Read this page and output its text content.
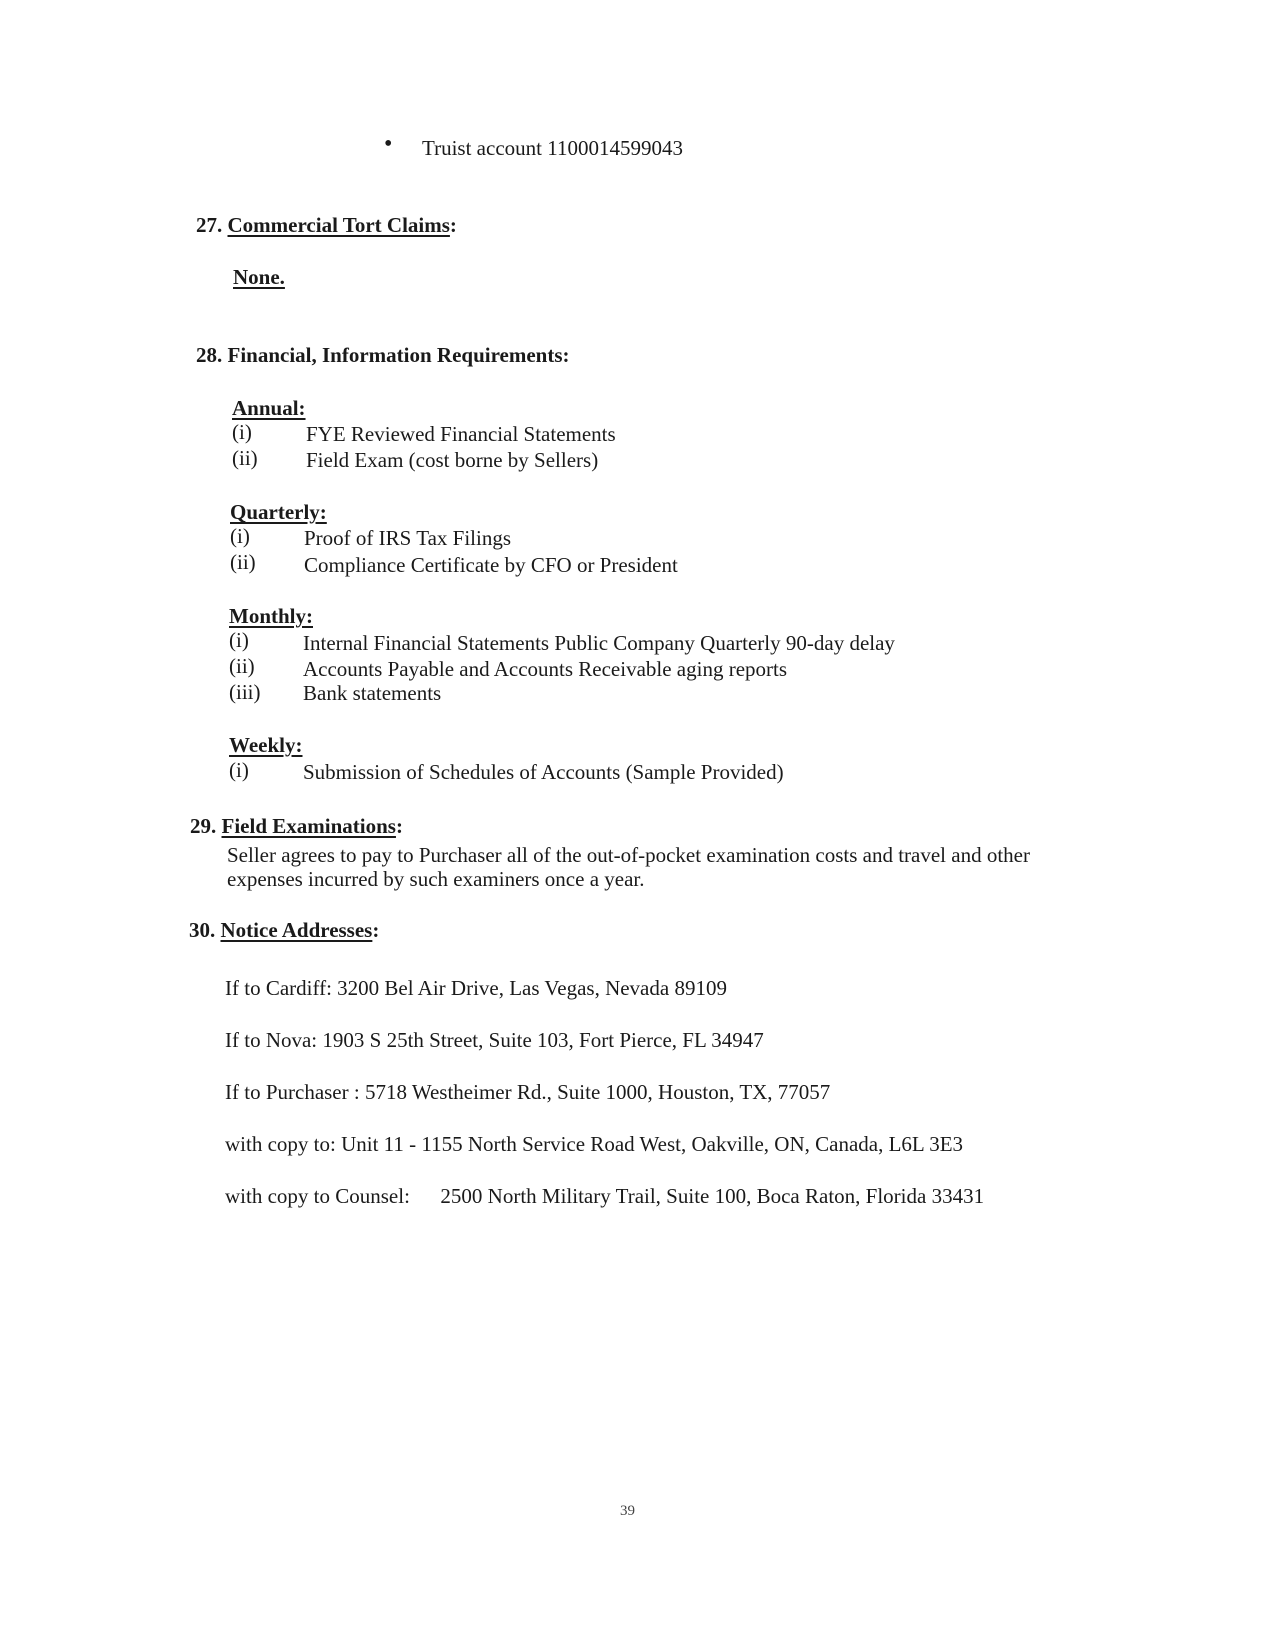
• Truist account 1100014599043
27. Commercial Tort Claims:
None.
28. Financial, Information Requirements:
Annual:
(i)	FYE Reviewed Financial Statements
(ii) Field Exam (cost borne by Sellers)
Quarterly:
(i)	Proof of IRS Tax Filings
(ii) Compliance Certificate by CFO or President
Monthly:
(i)	Internal Financial Statements Public Company Quarterly 90-day delay
(ii) Accounts Payable and Accounts Receivable aging reports
(iii) Bank statements
Weekly:
(i)	Submission of Schedules of Accounts (Sample Provided)
29. Field Examinations:
Seller agrees to pay to Purchaser all of the out-of-pocket examination costs and travel and other
expenses incurred by such examiners once a year.
30. Notice Addresses:
If to Cardiff: 3200 Bel Air Drive, Las Vegas, Nevada 89109
If to Nova: 1903 S 25th Street, Suite 103, Fort Pierce, FL 34947
If to Purchaser : 5718 Westheimer Rd., Suite 1000, Houston, TX, 77057
with copy to: Unit 11 - 1155 North Service Road West, Oakville, ON, Canada, L6L 3E3
with copy to Counsel: 2500 North Military Trail, Suite 100, Boca Raton, Florida 33431
39
